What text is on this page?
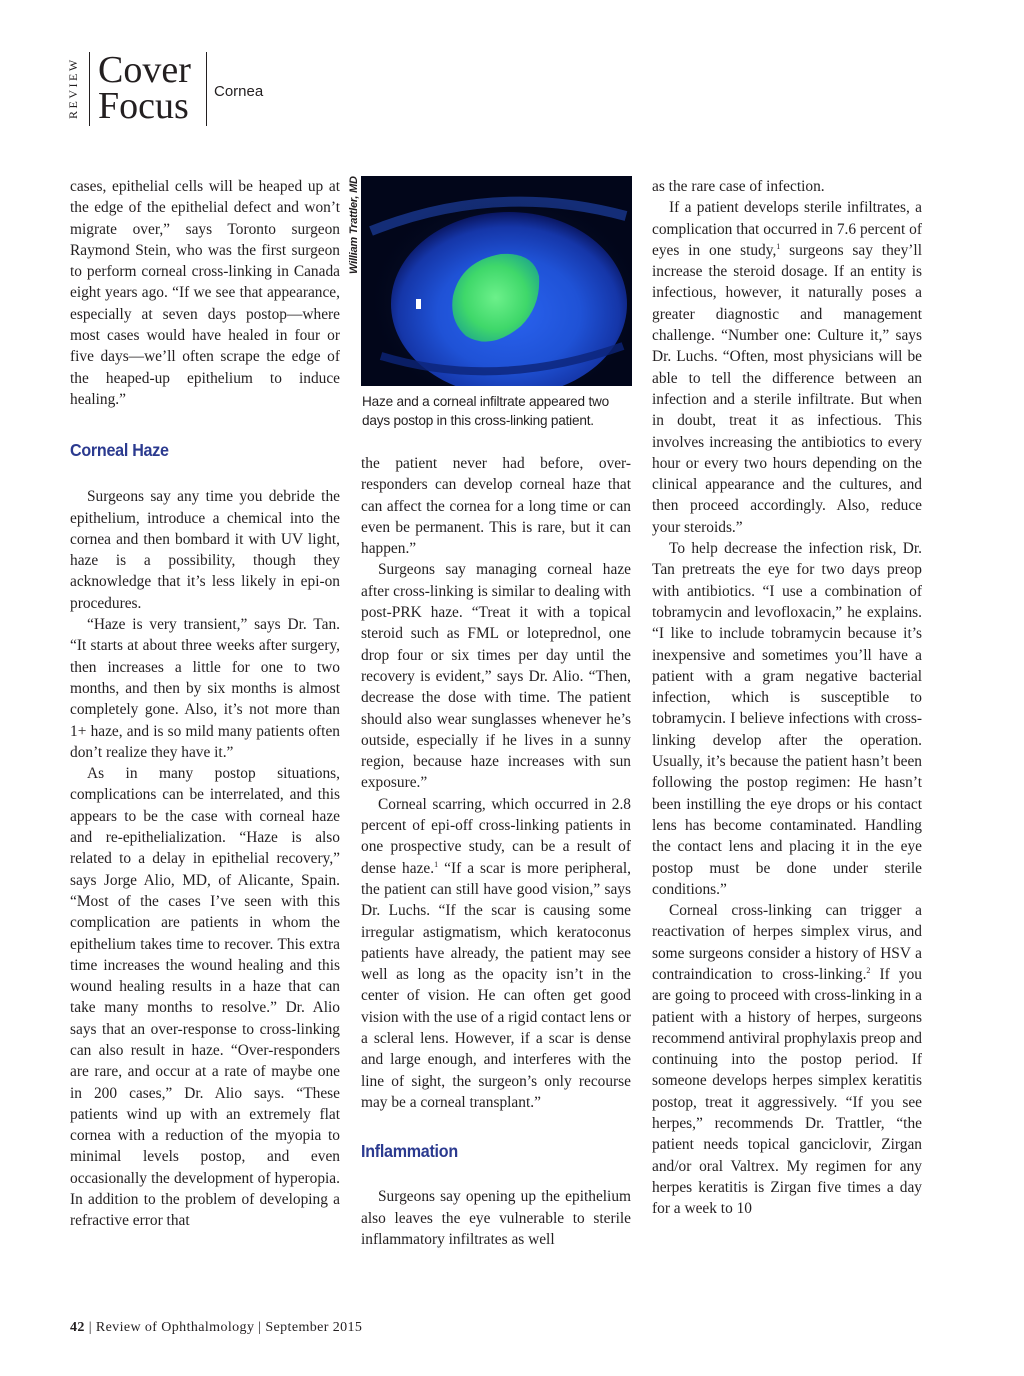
REVIEW Cover
Focus	Cornea

cases, epithelial cells will be heaped up at the edge of the epithelial defect and won’t migrate over,” says Toronto surgeon Raymond Stein, who was the first surgeon to perform corneal cross-linking in Canada eight years ago. “If we see that appearance, especially at seven days postop—where most cases would have healed in four or five days—we’ll often scrape the edge of the heaped-up epithelium to induce healing.”

Corneal Haze

Surgeons say any time you debride the epithelium, introduce a chemical into the cornea and then bombard it with UV light, haze is a possibility, though they acknowledge that it’s less likely in epi-on procedures.

“Haze is very transient,” says Dr. Tan. “It starts at about three weeks after surgery, then increases a little for one to two months, and then by six months is almost completely gone. Also, it’s not more than 1+ haze, and is so mild many patients often don’t realize they have it.”

As in many postop situations, complications can be interrelated, and this appears to be the case with corneal haze and re-epithelialization. “Haze is also related to a delay in epithelial recovery,” says Jorge Alio, MD, of Alicante, Spain. “Most of the cases I’ve seen with this complication are patients in whom the epithelium takes time to recover. This extra time increases the wound healing and this wound healing results in a haze that can take many months to resolve.” Dr. Alio says that an over-response to cross-linking can also result in haze. “Over-responders are rare, and occur at a rate of maybe one in 200 cases,” Dr. Alio says. “These patients wind up with an extremely flat cornea with a reduction of the myopia to minimal levels postop, and even occasionally the development of hyperopia. In addition to the problem of developing a refractive error that

William Trattler, MD
Haze and a corneal infiltrate appeared two days postop in this cross-linking patient.

the patient never had before, over-responders can develop corneal haze that can affect the cornea for a long time or can even be permanent. This is rare, but it can happen.”

Surgeons say managing corneal haze after cross-linking is similar to dealing with post-PRK haze. “Treat it with a topical steroid such as FML or loteprednol, one drop four or six times per day until the recovery is evident,” says Dr. Alio. “Then, decrease the dose with time. The patient should also wear sunglasses whenever he’s outside, especially if he lives in a sunny region, because haze increases with sun exposure.”

Corneal scarring, which occurred in 2.8 percent of epi-off cross-linking patients in one prospective study, can be a result of dense haze.$^1$ “If a scar is more peripheral, the patient can still have good vision,” says Dr. Luchs. “If the scar is causing some irregular astigmatism, which keratoconus patients have already, the patient may see well as long as the opacity isn’t in the center of vision. He can often get good vision with the use of a rigid contact lens or a scleral lens. However, if a scar is dense and large enough, and interferes with the line of sight, the surgeon’s only recourse may be a corneal transplant.”

Inflammation

Surgeons say opening up the epithelium also leaves the eye vulnerable to sterile inflammatory infiltrates as well

as the rare case of infection.

If a patient develops sterile infiltrates, a complication that occurred in 7.6 percent of eyes in one study,$^1$ surgeons say they’ll increase the steroid dosage. If an entity is infectious, however, it naturally poses a greater diagnostic and management challenge. “Number one: Culture it,” says Dr. Luchs. “Often, most physicians will be able to tell the difference between an infection and a sterile infiltrate. But when in doubt, treat it as infectious. This involves increasing the antibiotics to every hour or every two hours depending on the clinical appearance and the cultures, and then proceed accordingly. Also, reduce your steroids.”

To help decrease the infection risk, Dr. Tan pretreats the eye for two days preop with antibiotics. “I use a combination of tobramycin and levofloxacin,” he explains. “I like to include tobramycin because it’s inexpensive and sometimes you’ll have a patient with a gram negative bacterial infection, which is susceptible to tobramycin. I believe infections with cross-linking develop after the operation. Usually, it’s because the patient hasn’t been following the postop regimen: He hasn’t been instilling the eye drops or his contact lens has become contaminated. Handling the contact lens and placing it in the eye postop must be done under sterile conditions.”

Corneal cross-linking can trigger a reactivation of herpes simplex virus, and some surgeons consider a history of HSV a contraindication to cross-linking.$^2$ If you are going to proceed with cross-linking in a patient with a history of herpes, surgeons recommend antiviral prophylaxis preop and continuing into the postop period. If someone develops herpes simplex keratitis postop, treat it aggressively. “If you see herpes,” recommends Dr. Trattler, “the patient needs topical ganciclovir, Zirgan and/or oral Valtrex. My regimen for any herpes keratitis is Zirgan five times a day for a week to 10

42 | Review of Ophthalmology | September 2015
